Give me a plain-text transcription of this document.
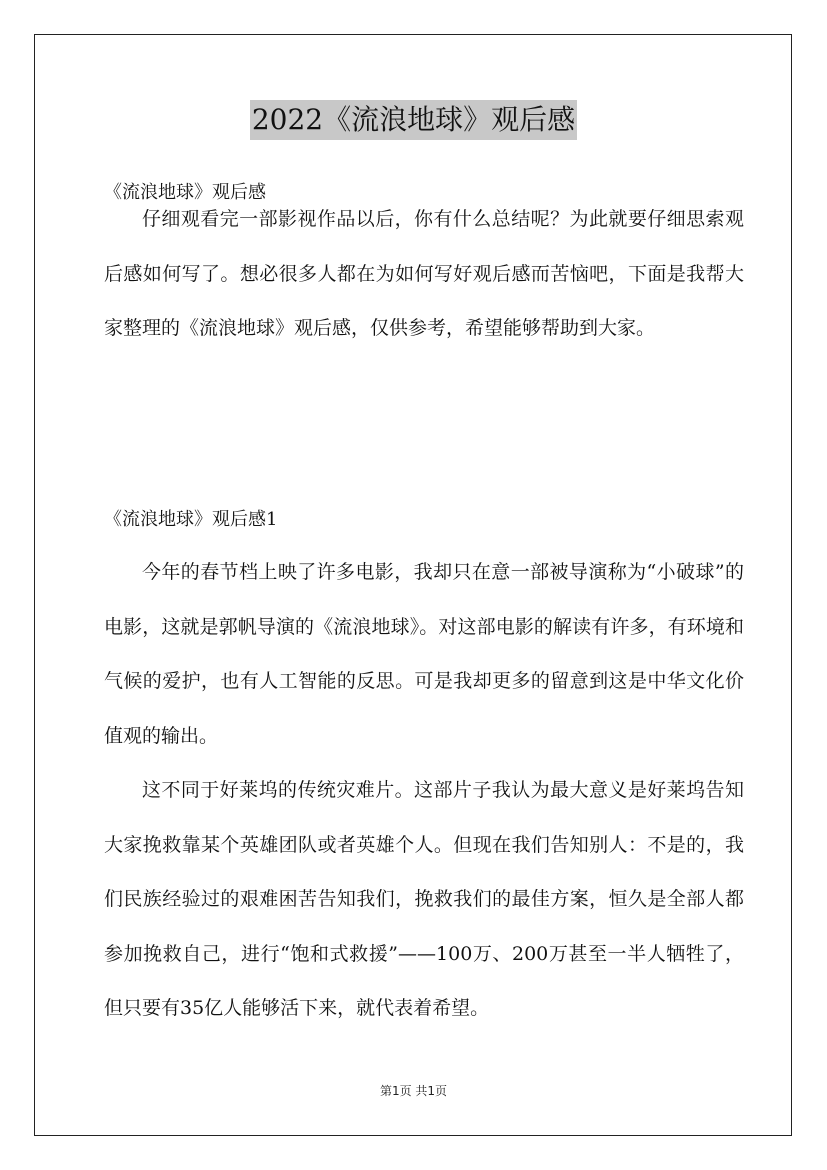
2022《流浪地球》观后感
《流浪地球》观后感

仔细观看完一部影视作品以后，你有什么总结呢？为此就要仔细思索观后感如何写了。想必很多人都在为如何写好观后感而苦恼吧，下面是我帮大家整理的《流浪地球》观后感，仅供参考，希望能够帮助到大家。

《流浪地球》观后感1

今年的春节档上映了许多电影，我却只在意一部被导演称为“小破球”的电影，这就是郭帆导演的《流浪地球》。对这部电影的解读有许多，有环境和气候的爱护，也有人工智能的反思。可是我却更多的留意到这是中华文化价值观的输出。

这不同于好莱坞的传统灾难片。这部片子我认为最大意义是好莱坞告知大家挽救靠某个英雄团队或者英雄个人。但现在我们告知别人：不是的，我们民族经验过的艰难困苦告知我们，挽救我们的最佳方案，恒久是全部人都参加挽救自己，进行“饱和式救援”——100万、200万甚至一半人牺牲了，但只要有35亿人能够活下来，就代表着希望。

第1页 共1页
